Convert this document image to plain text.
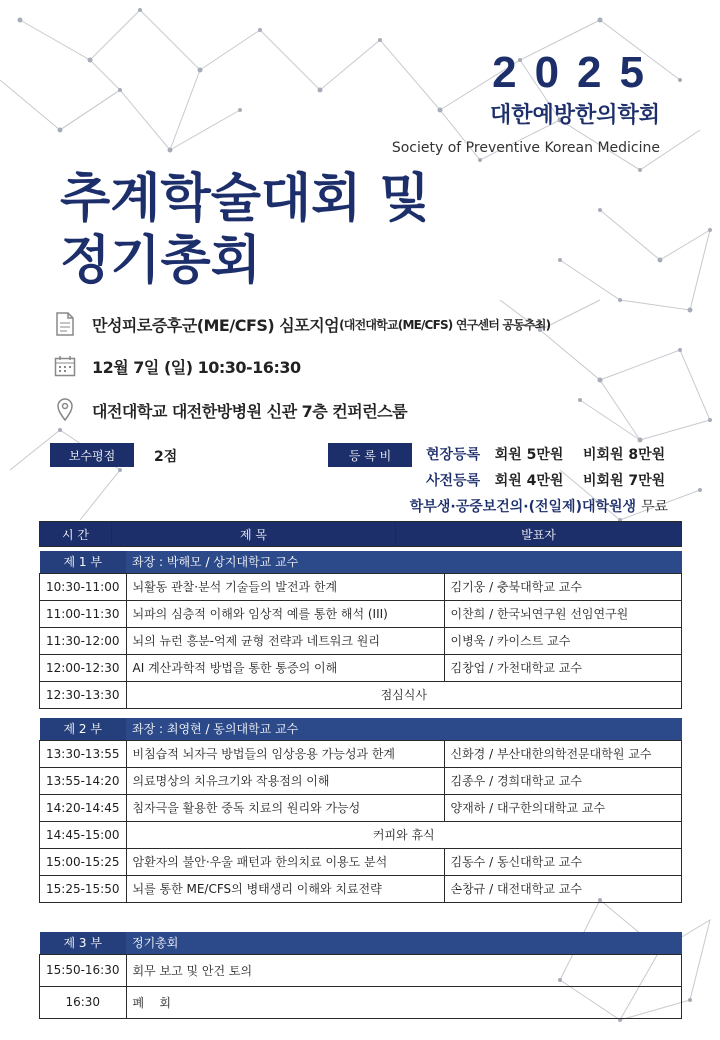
2025
대한예방한의학회
Society of Preventive Korean Medicine
추계학술대회 및
정기총회
만성피로증후군(ME/CFS) 심포지엄 (대전대학교(ME/CFS) 연구센터 공동추최)
12월 7일 (일) 10:30-16:30
대전대학교 대전한방병원 신관 7층 컨퍼런스룸
보수평점	2점	등 록 비	현장등록 회원 5만원 비회원 8만원
사전등록 회원 4만원 비회원 7만원
학부생·공중보건의·(전일제)대학원생 무료
시 간	제 목	발표자
제 1 부	좌장 : 박해모 / 상지대학교 교수	
10:30-11:00	뇌활동 관찰·분석 기술들의 발전과 한계	김기웅 / 충북대학교 교수
11:00-11:30	뇌파의 심층적 이해와 임상적 예를 통한 해석 (III)	이찬희 / 한국뇌연구원 선임연구원
11:30-12:00	뇌의 뉴런 흥분-억제 균형 전략과 네트워크 원리	이병욱 / 카이스트 교수
12:00-12:30	AI 계산과학적 방법을 통한 통증의 이해	김창업 / 가천대학교 교수
12:30-13:30	점심식사	
제 2 부	좌장 : 최영현 / 동의대학교 교수	
13:30-13:55	비침습적 뇌자극 방법들의 임상응용 가능성과 한계	신화경 / 부산대한의학전문대학원 교수
13:55-14:20	의료명상의 치유크기와 작용점의 이해	김종우 / 경희대학교 교수
14:20-14:45	침자극을 활용한 중독 치료의 원리와 가능성	양재하 / 대구한의대학교 교수
14:45-15:00	커피와 휴식	
15:00-15:25	암환자의 불안·우울 패턴과 한의치료 이용도 분석	김동수 / 동신대학교 교수
15:25-15:50	뇌를 통한 ME/CFS의 병태생리 이해와 치료전략	손창규 / 대전대학교 교수
제 3 부	정기총회
15:50-16:30	회무 보고 및 안건 토의
16:30	폐    회
